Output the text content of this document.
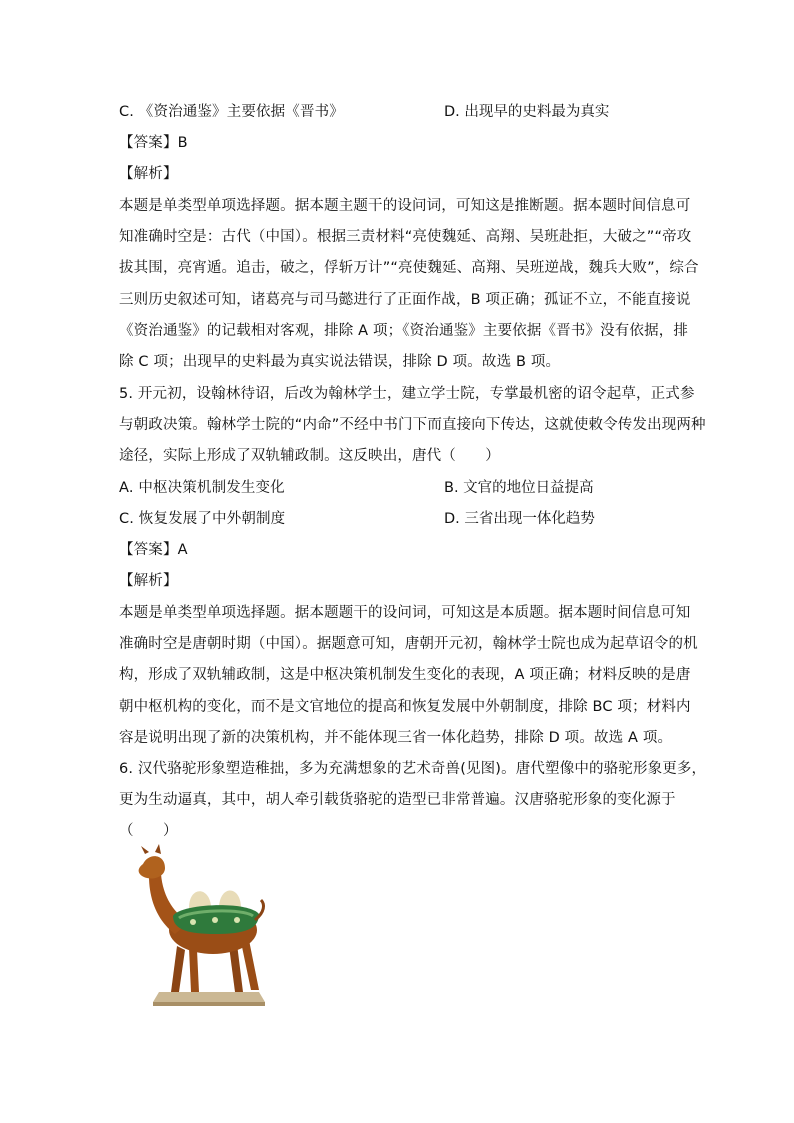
C. 《资治通鉴》主要依据《晋书》	D. 出现早的史料最为真实
【答案】B
【解析】
本题是单类型单项选择题。据本题主题干的设问词，可知这是推断题。据本题时间信息可
知准确时空是：古代（中国）。根据三责材料“亮使魏延、高翔、吴班赴拒，大破之”“帝攻
拔其围，亮宵遁。追击，破之，俘斩万计”“亮使魏延、高翔、吴班逆战，魏兵大败”，综合
三则历史叙述可知，诸葛亮与司马懿进行了正面作战，B 项正确；孤证不立，不能直接说
《资治通鉴》的记载相对客观，排除 A 项；《资治通鉴》主要依据《晋书》没有依据，排
除 C 项；出现早的史料最为真实说法错误，排除 D 项。故选 B 项。
5. 开元初，设翰林待诏，后改为翰林学士，建立学士院，专掌最机密的诏令起草，正式参
与朝政决策。翰林学士院的“内命”不经中书门下而直接向下传达，这就使敕令传发出现两种
途径，实际上形成了双轨辅政制。这反映出，唐代（　　）
A. 中枢决策机制发生变化	B. 文官的地位日益提高
C. 恢复发展了中外朝制度	D. 三省出现一体化趋势
【答案】A
【解析】
本题是单类型单项选择题。据本题题干的设问词，可知这是本质题。据本题时间信息可知
准确时空是唐朝时期（中国）。据题意可知，唐朝开元初，翰林学士院也成为起草诏令的机
构，形成了双轨辅政制，这是中枢决策机制发生变化的表现，A 项正确；材料反映的是唐
朝中枢机构的变化，而不是文官地位的提高和恢复发展中外朝制度，排除 BC 项；材料内
容是说明出现了新的决策机构，并不能体现三省一体化趋势，排除 D 项。故选 A 项。
6. 汉代骆驼形象塑造稚拙，多为充满想象的艺术奇兽(见图)。唐代塑像中的骆驼形象更多，
更为生动逼真，其中，胡人牵引载货骆驼的造型已非常普遍。汉唐骆驼形象的变化源于
（　　）
